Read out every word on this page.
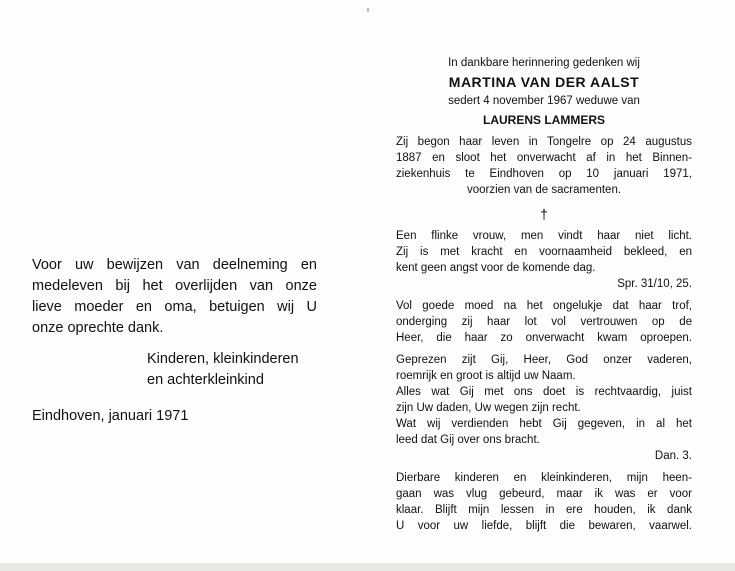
Voor uw bewijzen van deelneming en
medeleven bij het overlijden van onze
lieve moeder en oma, betuigen wij U
onze oprechte dank.
Kinderen, kleinkinderen
en achterkleinkind
Eindhoven, januari 1971
In dankbare herinnering gedenken wij
MARTINA VAN DER AALST
sedert 4 november 1967 weduwe van
LAURENS LAMMERS
Zij begon haar leven in Tongelre op 24 augustus
1887 en sloot het onverwacht af in het Binnen-
ziekenhuis te Eindhoven op 10 januari 1971,
voorzien van de sacramenten.
†
Een flinke vrouw, men vindt haar niet licht.
Zij is met kracht en voornaamheid bekleed, en
kent geen angst voor de komende dag.
Spr. 31/10, 25.
Vol goede moed na het ongelukje dat haar trof,
onderging zij haar lot vol vertrouwen op de
Heer, die haar zo onverwacht kwam oproepen.
Geprezen zijt Gij, Heer, God onzer vaderen,
roemrijk en groot is altijd uw Naam.
Alles wat Gij met ons doet is rechtvaardig, juist
zijn Uw daden, Uw wegen zijn recht.
Wat wij verdienden hebt Gij gegeven, in al het
leed dat Gij over ons bracht.
Dan. 3.
Dierbare kinderen en kleinkinderen, mijn heen-
gaan was vlug gebeurd, maar ik was er voor
klaar. Blijft mijn lessen in ere houden, ik dank
U voor uw liefde, blijft die bewaren, vaarwel.
